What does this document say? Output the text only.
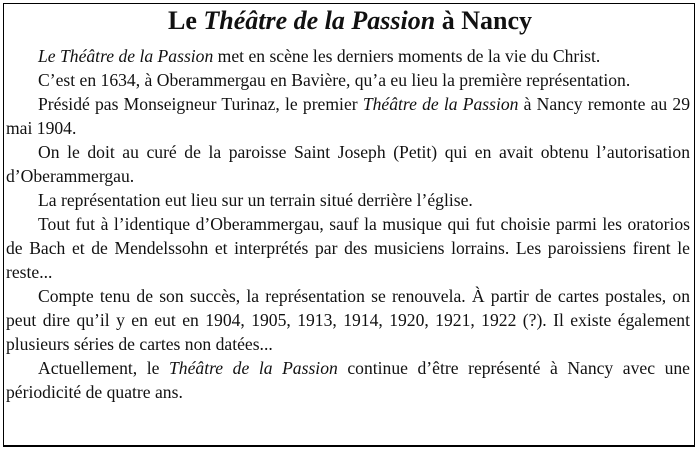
Le Théâtre de la Passion à Nancy

Le Théâtre de la Passion met en scène les derniers moments de la vie du Christ.

C’est en 1634, à Oberammergau en Bavière, qu’a eu lieu la première représentation.

Présidé pas Monseigneur Turinaz, le premier Théâtre de la Passion à Nancy remonte au 29 mai 1904.

On le doit au curé de la paroisse Saint Joseph (Petit) qui en avait obtenu l’autorisation d’Oberammergau.

La représentation eut lieu sur un terrain situé derrière l’église.

Tout fut à l’identique d’Oberammergau, sauf la musique qui fut choisie parmi les oratorios de Bach et de Mendelssohn et interprétés par des musiciens lorrains. Les paroissiens firent le reste...

Compte tenu de son succès, la représentation se renouvela. À partir de cartes postales, on peut dire qu’il y en eut en 1904, 1905, 1913, 1914, 1920, 1921, 1922 (?). Il existe également plusieurs séries de cartes non datées...

Actuellement, le Théâtre de la Passion continue d’être représenté à Nancy avec une périodicité de quatre ans.
